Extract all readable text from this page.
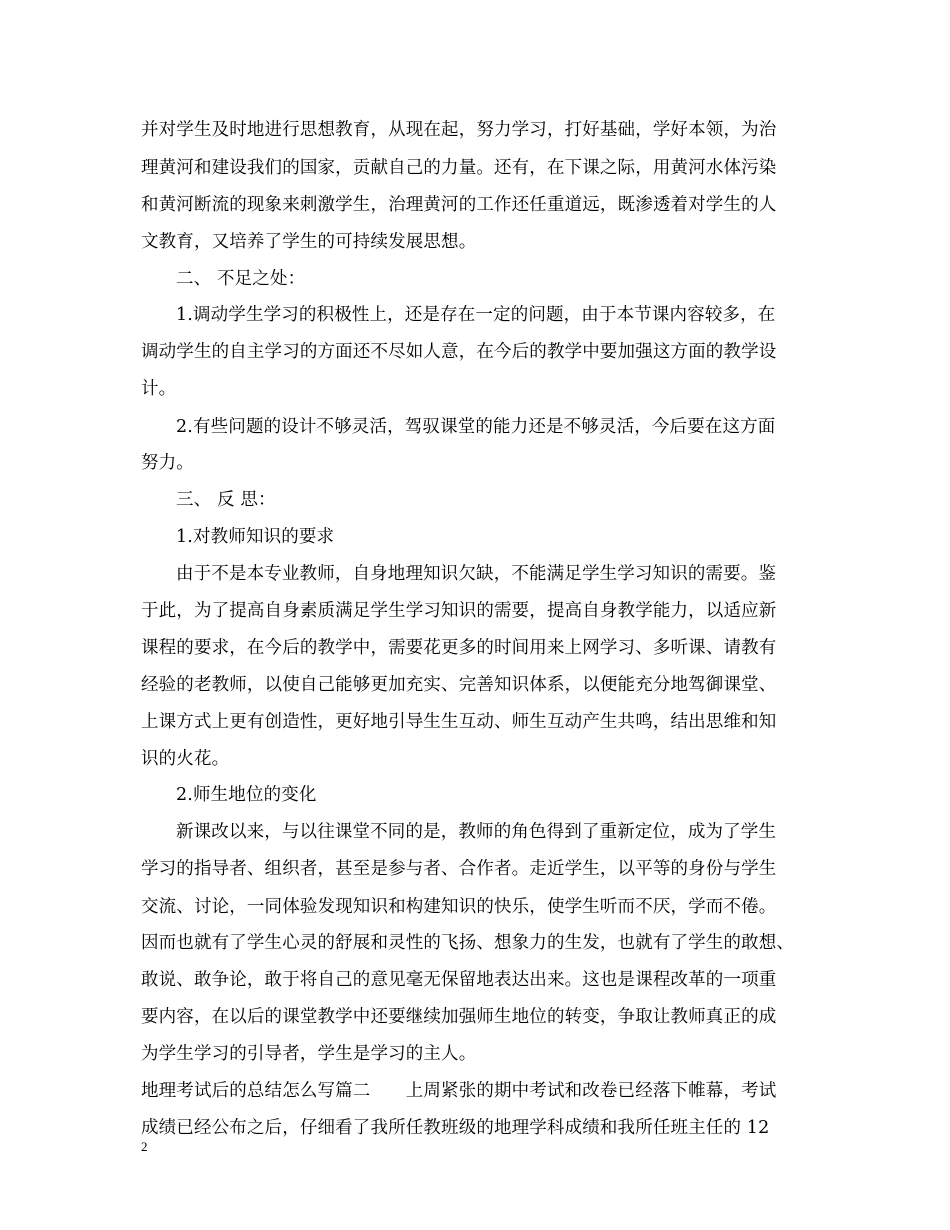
并对学生及时地进行思想教育，从现在起，努力学习，打好基础，学好本领，为治
理黄河和建设我们的国家，贡献自己的力量。还有，在下课之际，用黄河水体污染
和黄河断流的现象来刺激学生，治理黄河的工作还任重道远，既渗透着对学生的人
文教育，又培养了学生的可持续发展思想。
二、 不足之处：
1.调动学生学习的积极性上，还是存在一定的问题，由于本节课内容较多，在
调动学生的自主学习的方面还不尽如人意，在今后的教学中要加强这方面的教学设
计。
2.有些问题的设计不够灵活，驾驭课堂的能力还是不够灵活，今后要在这方面
努力。
三、 反 思：
1.对教师知识的要求
由于不是本专业教师，自身地理知识欠缺，不能满足学生学习知识的需要。鉴
于此，为了提高自身素质满足学生学习知识的需要，提高自身教学能力，以适应新
课程的要求，在今后的教学中，需要花更多的时间用来上网学习、多听课、请教有
经验的老教师，以使自己能够更加充实、完善知识体系，以便能充分地驾御课堂、
上课方式上更有创造性，更好地引导生生互动、师生互动产生共鸣，结出思维和知
识的火花。
2.师生地位的变化
新课改以来，与以往课堂不同的是，教师的角色得到了重新定位，成为了学生
学习的指导者、组织者，甚至是参与者、合作者。走近学生，以平等的身份与学生
交流、讨论，一同体验发现知识和构建知识的快乐，使学生听而不厌，学而不倦。
因而也就有了学生心灵的舒展和灵性的飞扬、想象力的生发，也就有了学生的敢想、
敢说、敢争论，敢于将自己的意见毫无保留地表达出来。这也是课程改革的一项重
要内容，在以后的课堂教学中还要继续加强师生地位的转变，争取让教师真正的成
为学生学习的引导者，学生是学习的主人。
地理考试后的总结怎么写篇二　　上周紧张的期中考试和改卷已经落下帷幕，考试
成绩已经公布之后，仔细看了我所任教班级的地理学科成绩和我所任班主任的 12
2
